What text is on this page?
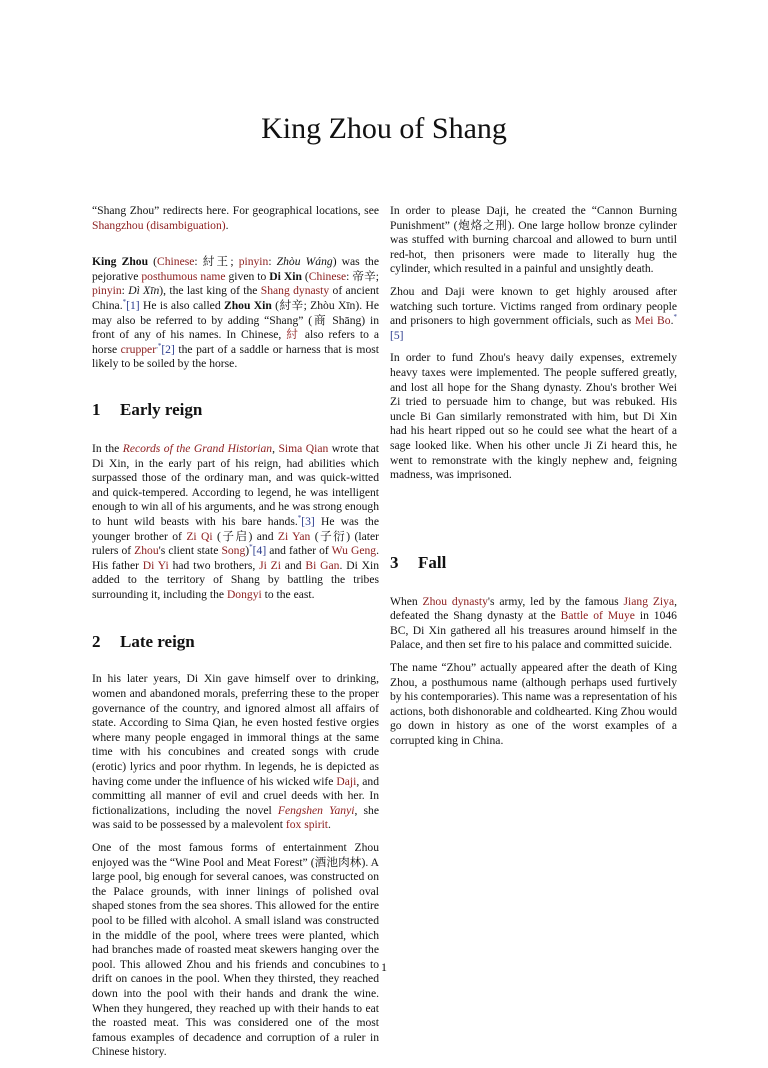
King Zhou of Shang

“Shang Zhou” redirects here. For geographical locations, see Shangzhou (disambiguation).

King Zhou (Chinese: 紂王; pinyin: Zhòu Wáng) was the pejorative posthumous name given to Di Xin (Chinese: 帝辛; pinyin: Dì Xīn), the last king of the Shang dynasty of ancient China.*[1] He is also called Zhou Xin (紂辛; Zhòu Xīn). He may also be referred to by adding “Shang” (商 Shāng) in front of any of his names. In Chinese, 紂 also refers to a horse crupper,*[2] the part of a saddle or harness that is most likely to be soiled by the horse.

1 Early reign

In the Records of the Grand Historian, Sima Qian wrote that Di Xin, in the early part of his reign, had abilities which surpassed those of the ordinary man, and was quick-witted and quick-tempered. According to legend, he was intelligent enough to win all of his arguments, and he was strong enough to hunt wild beasts with his bare hands.*[3] He was the younger brother of Zi Qi (子启) and Zi Yan (子衍) (later rulers of Zhou's client state Song)*[4] and father of Wu Geng. His father Di Yi had two brothers, Ji Zi and Bi Gan. Di Xin added to the territory of Shang by battling the tribes surrounding it, including the Dongyi to the east.

2 Late reign

In his later years, Di Xin gave himself over to drinking, women and abandoned morals, preferring these to the proper governance of the country, and ignored almost all affairs of state. According to Sima Qian, he even hosted festive orgies where many people engaged in immoral things at the same time with his concubines and created songs with crude (erotic) lyrics and poor rhythm. In legends, he is depicted as having come under the influence of his wicked wife Daji, and committing all manner of evil and cruel deeds with her. In fictionalizations, including the novel Fengshen Yanyi, she was said to be possessed by a malevolent fox spirit.

One of the most famous forms of entertainment Zhou enjoyed was the “Wine Pool and Meat Forest” (酒池肉林). A large pool, big enough for several canoes, was constructed on the Palace grounds, with inner linings of polished oval shaped stones from the sea shores. This allowed for the entire pool to be filled with alcohol. A small island was constructed in the middle of the pool, where trees were planted, which had branches made of roasted meat skewers hanging over the pool. This allowed Zhou and his friends and concubines to drift on canoes in the pool. When they thirsted, they reached down into the pool with their hands and drank the wine. When they hungered, they reached up with their hands to eat the roasted meat. This was considered one of the most famous examples of decadence and corruption of a ruler in Chinese history.

In order to please Daji, he created the “Cannon Burning Punishment” (炮烙之刑). One large hollow bronze cylinder was stuffed with burning charcoal and allowed to burn until red-hot, then prisoners were made to literally hug the cylinder, which resulted in a painful and unsightly death.

Zhou and Daji were known to get highly aroused after watching such torture. Victims ranged from ordinary people and prisoners to high government officials, such as Mei Bo.*[5]

In order to fund Zhou's heavy daily expenses, extremely heavy taxes were implemented. The people suffered greatly, and lost all hope for the Shang dynasty. Zhou's brother Wei Zi tried to persuade him to change, but was rebuked. His uncle Bi Gan similarly remonstrated with him, but Di Xin had his heart ripped out so he could see what the heart of a sage looked like. When his other uncle Ji Zi heard this, he went to remonstrate with the kingly nephew and, feigning madness, was imprisoned.

3 Fall

When Zhou dynasty's army, led by the famous Jiang Ziya, defeated the Shang dynasty at the Battle of Muye in 1046 BC, Di Xin gathered all his treasures around himself in the Palace, and then set fire to his palace and committed suicide.

The name “Zhou” actually appeared after the death of King Zhou, a posthumous name (although perhaps used furtively by his contemporaries). This name was a representation of his actions, both dishonorable and coldhearted. King Zhou would go down in history as one of the worst examples of a corrupted king in China.

1
